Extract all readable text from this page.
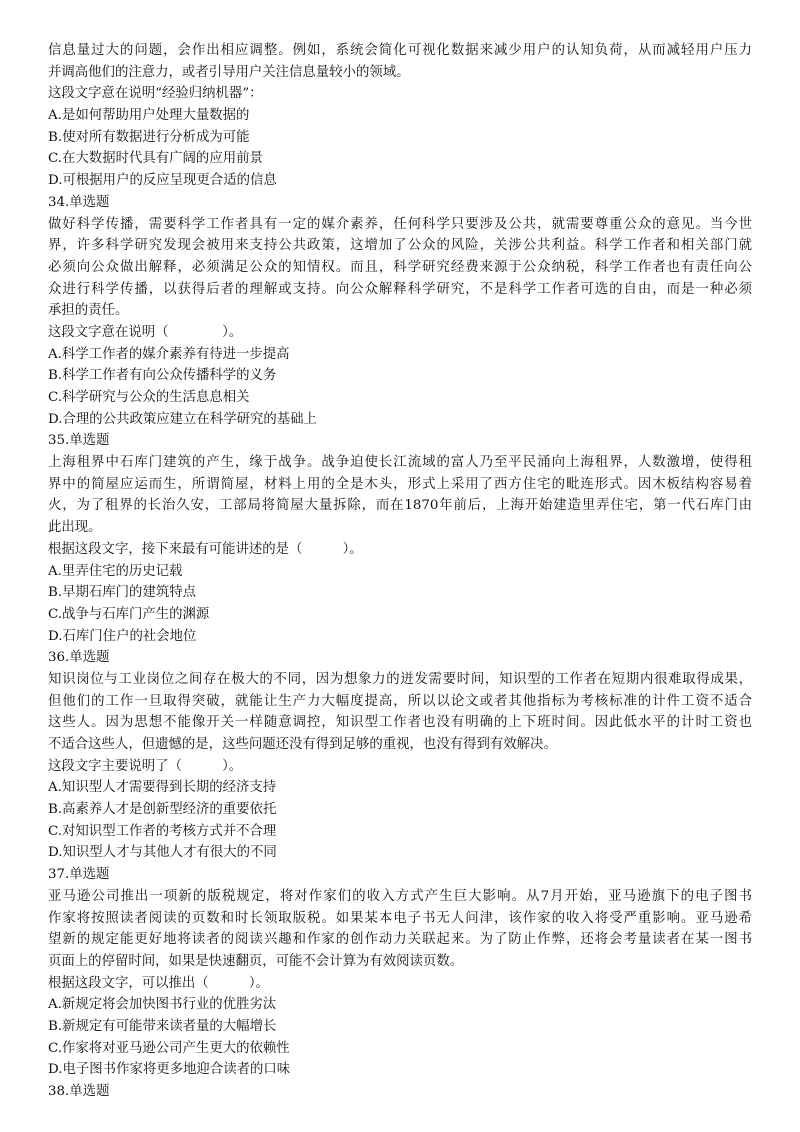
信息量过大的问题，会作出相应调整。例如，系统会简化可视化数据来减少用户的认知负荷，从而减轻用户压力
并调高他们的注意力，或者引导用户关注信息量较小的领域。
这段文字意在说明“经验归纳机器”：
A.是如何帮助用户处理大量数据的
B.使对所有数据进行分析成为可能
C.在大数据时代具有广阔的应用前景
D.可根据用户的反应呈现更合适的信息
34.单选题
做好科学传播，需要科学工作者具有一定的媒介素养，任何科学只要涉及公共，就需要尊重公众的意见。当今世
界，许多科学研究发现会被用来支持公共政策，这增加了公众的风险，关涉公共利益。科学工作者和相关部门就
必须向公众做出解释，必须满足公众的知情权。而且，科学研究经费来源于公众纳税，科学工作者也有责任向公
众进行科学传播，以获得后者的理解或支持。向公众解释科学研究，不是科学工作者可选的自由，而是一种必须
承担的责任。
这段文字意在说明（　　　　）。
A.科学工作者的媒介素养有待进一步提高
B.科学工作者有向公众传播科学的义务
C.科学研究与公众的生活息息相关
D.合理的公共政策应建立在科学研究的基础上
35.单选题
上海租界中石库门建筑的产生，缘于战争。战争迫使长江流域的富人乃至平民涌向上海租界，人数激增，使得租
界中的简屋应运而生，所谓简屋，材料上用的全是木头，形式上采用了西方住宅的毗连形式。因木板结构容易着
火，为了租界的长治久安，工部局将简屋大量拆除，而在1870年前后，上海开始建造里弄住宅，第一代石库门由
此出现。
根据这段文字，接下来最有可能讲述的是（　　　）。
A.里弄住宅的历史记载
B.早期石库门的建筑特点
C.战争与石库门产生的渊源
D.石库门住户的社会地位
36.单选题
知识岗位与工业岗位之间存在极大的不同，因为想象力的迸发需要时间，知识型的工作者在短期内很难取得成果，
但他们的工作一旦取得突破，就能让生产力大幅度提高，所以以论文或者其他指标为考核标准的计件工资不适合
这些人。因为思想不能像开关一样随意调控，知识型工作者也没有明确的上下班时间。因此低水平的计时工资也
不适合这些人，但遗憾的是，这些问题还没有得到足够的重视，也没有得到有效解决。
这段文字主要说明了（　　　）。
A.知识型人才需要得到长期的经济支持
B.高素养人才是创新型经济的重要依托
C.对知识型工作者的考核方式并不合理
D.知识型人才与其他人才有很大的不同
37.单选题
亚马逊公司推出一项新的版税规定，将对作家们的收入方式产生巨大影响。从7月开始，亚马逊旗下的电子图书
作家将按照读者阅读的页数和时长领取版税。如果某本电子书无人问津，该作家的收入将受严重影响。亚马逊希
望新的规定能更好地将读者的阅读兴趣和作家的创作动力关联起来。为了防止作弊，还将会考量读者在某一图书
页面上的停留时间，如果是快速翻页，可能不会计算为有效阅读页数。
根据这段文字，可以推出（　　　）。
A.新规定将会加快图书行业的优胜劣汰
B.新规定有可能带来读者量的大幅增长
C.作家将对亚马逊公司产生更大的依赖性
D.电子图书作家将更多地迎合读者的口味
38.单选题
